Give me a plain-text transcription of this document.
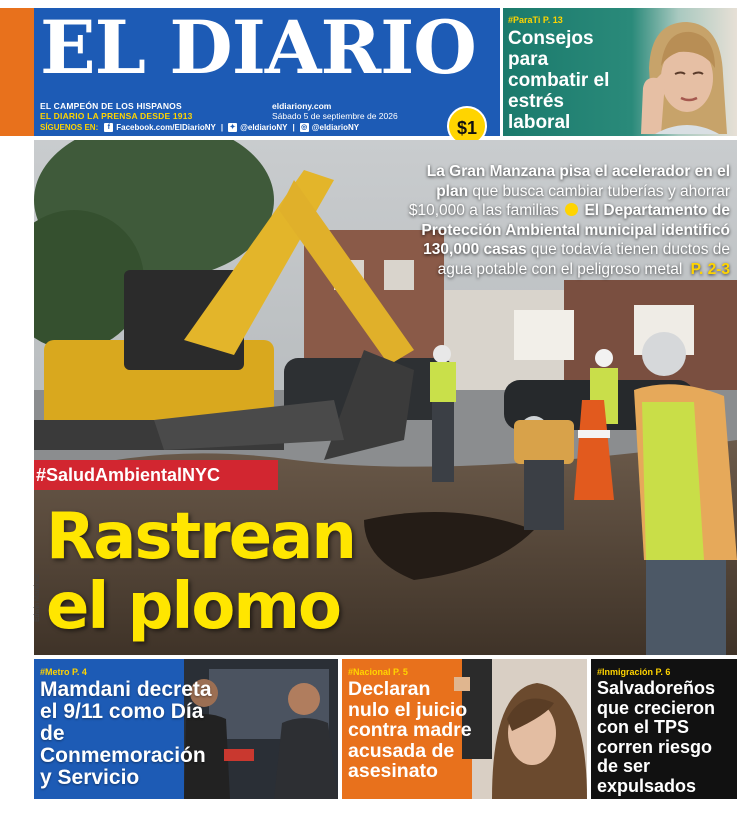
EL DIARIO
EL CAMPEÓN DE LOS HISPANOS
EL DIARIO LA PRENSA DESDE 1913
eldiariony.com
Sábado 5 de septiembre de 2026
SÍGUENOS EN:	f Facebook.com/ElDiarioNY | ✦ @eldiarioNY | ◎ @eldiarioNY	$1
#ParaTi P. 13
Consejos para combatir el estrés laboral
La Gran Manzana pisa el acelerador en el plan que busca cambiar tuberías y ahorrar $10,000 a las familias  El Departamento de Protección Ambiental municipal identificó 130,000 casas que todavía tienen ductos de agua potable con el peligroso metal P. 2-3
#SaludAmbientalNYC
Rastrean
el plomo
Edwin Martínez
#Metro P. 4
Mamdani decreta el 9/11 como Día de Conmemoración y Servicio
#Nacional P. 5
Declaran nulo el juicio contra madre acusada de asesinato
#Inmigración P. 6
Salvadoreños que crecieron con el TPS corren riesgo de ser expulsados
